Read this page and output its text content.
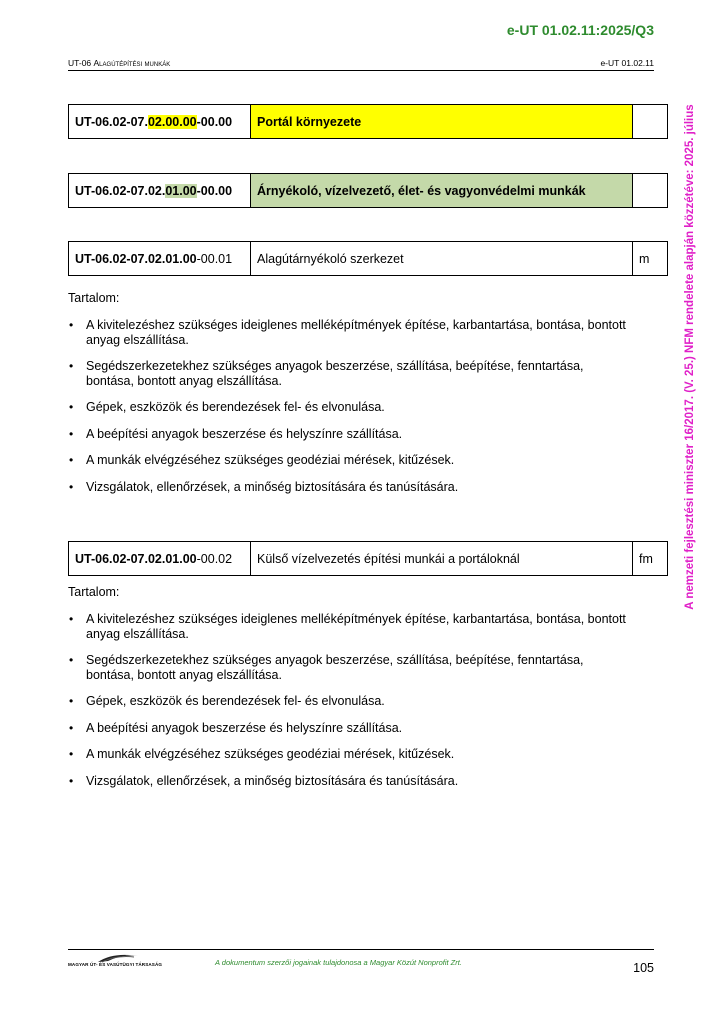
e-UT 01.02.11:2025/Q3
UT-06 Alagútépítési munkák	e-UT 01.02.11
UT-06.02-07.02.00.00-00.00	Portál környezete	
UT-06.02-07.02.01.00-00.00	Árnyékoló, vízelvezető, élet- és vagyonvédelmi munkák	
UT-06.02-07.02.01.00-00.01	Alagútárnyékoló szerkezet	m
Tartalom:
• A kivitelezéshez szükséges ideiglenes melléképítmények építése, karbantartása, bontása, bontott anyag elszállítása.
• Segédszerkezetekhez szükséges anyagok beszerzése, szállítása, beépítése, fenntartása, bontása, bontott anyag elszállítása.
• Gépek, eszközök és berendezések fel- és elvonulása.
• A beépítési anyagok beszerzése és helyszínre szállítása.
• A munkák elvégzéséhez szükséges geodéziai mérések, kitűzések.
• Vizsgálatok, ellenőrzések, a minőség biztosítására és tanúsítására.
UT-06.02-07.02.01.00-00.02	Külső vízelvezetés építési munkái a portáloknál	fm
Tartalom:
• A kivitelezéshez szükséges ideiglenes melléképítmények építése, karbantartása, bontása, bontott anyag elszállítása.
• Segédszerkezetekhez szükséges anyagok beszerzése, szállítása, beépítése, fenntartása, bontása, bontott anyag elszállítása.
• Gépek, eszközök és berendezések fel- és elvonulása.
• A beépítési anyagok beszerzése és helyszínre szállítása.
• A munkák elvégzéséhez szükséges geodéziai mérések, kitűzések.
• Vizsgálatok, ellenőrzések, a minőség biztosítására és tanúsítására.
A nemzeti fejlesztési miniszter 16/2017. (V. 25.) NFM rendelete alapján közzétéve: 2025. július
MAGYAR ÚT- ÉS VASÚTÜGYI TÁRSASÁG	A dokumentum szerzői jogainak tulajdonosa a Magyar Közút Nonprofit Zrt.	105
